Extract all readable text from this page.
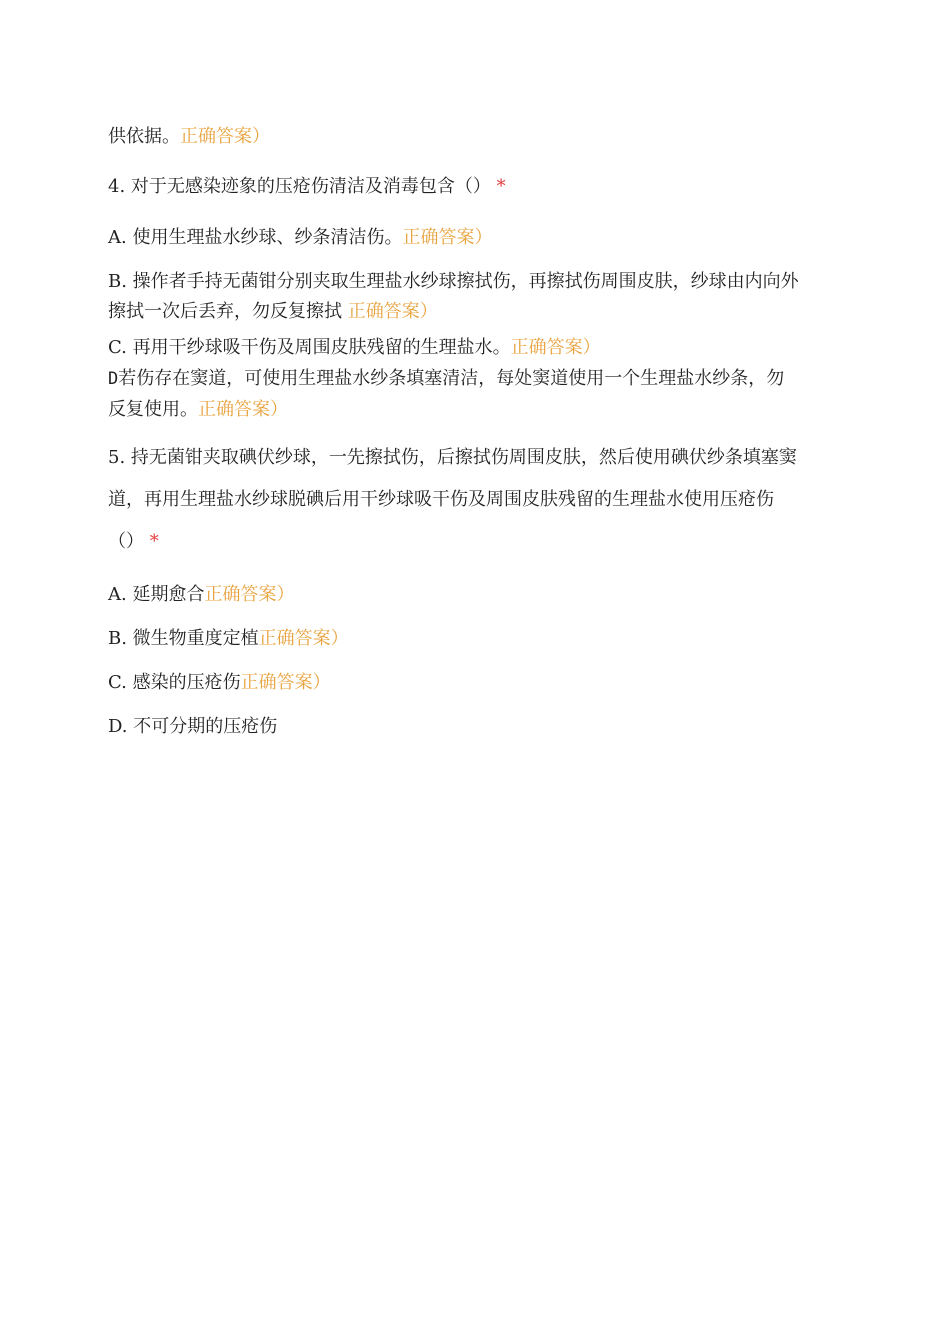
供依据。正确答案）
4. 对于无感染迹象的压疮伤清洁及消毒包含（） *
A. 使用生理盐水纱球、纱条清洁伤。正确答案）
B. 操作者手持无菌钳分别夹取生理盐水纱球擦拭伤，再擦拭伤周围皮肤，纱球由内向外
擦拭一次后丢弃，勿反复擦拭 正确答案）
C. 再用干纱球吸干伤及周围皮肤残留的生理盐水。正确答案）
D若伤存在窦道，可使用生理盐水纱条填塞清洁，每处窦道使用一个生理盐水纱条，勿
反复使用。正确答案）
5. 持无菌钳夹取碘伏纱球，一先擦拭伤，后擦拭伤周围皮肤，然后使用碘伏纱条填塞窦
道，再用生理盐水纱球脱碘后用干纱球吸干伤及周围皮肤残留的生理盐水使用压疮伤
（） *
A. 延期愈合正确答案）
B. 微生物重度定植正确答案）
C. 感染的压疮伤正确答案）
D. 不可分期的压疮伤
